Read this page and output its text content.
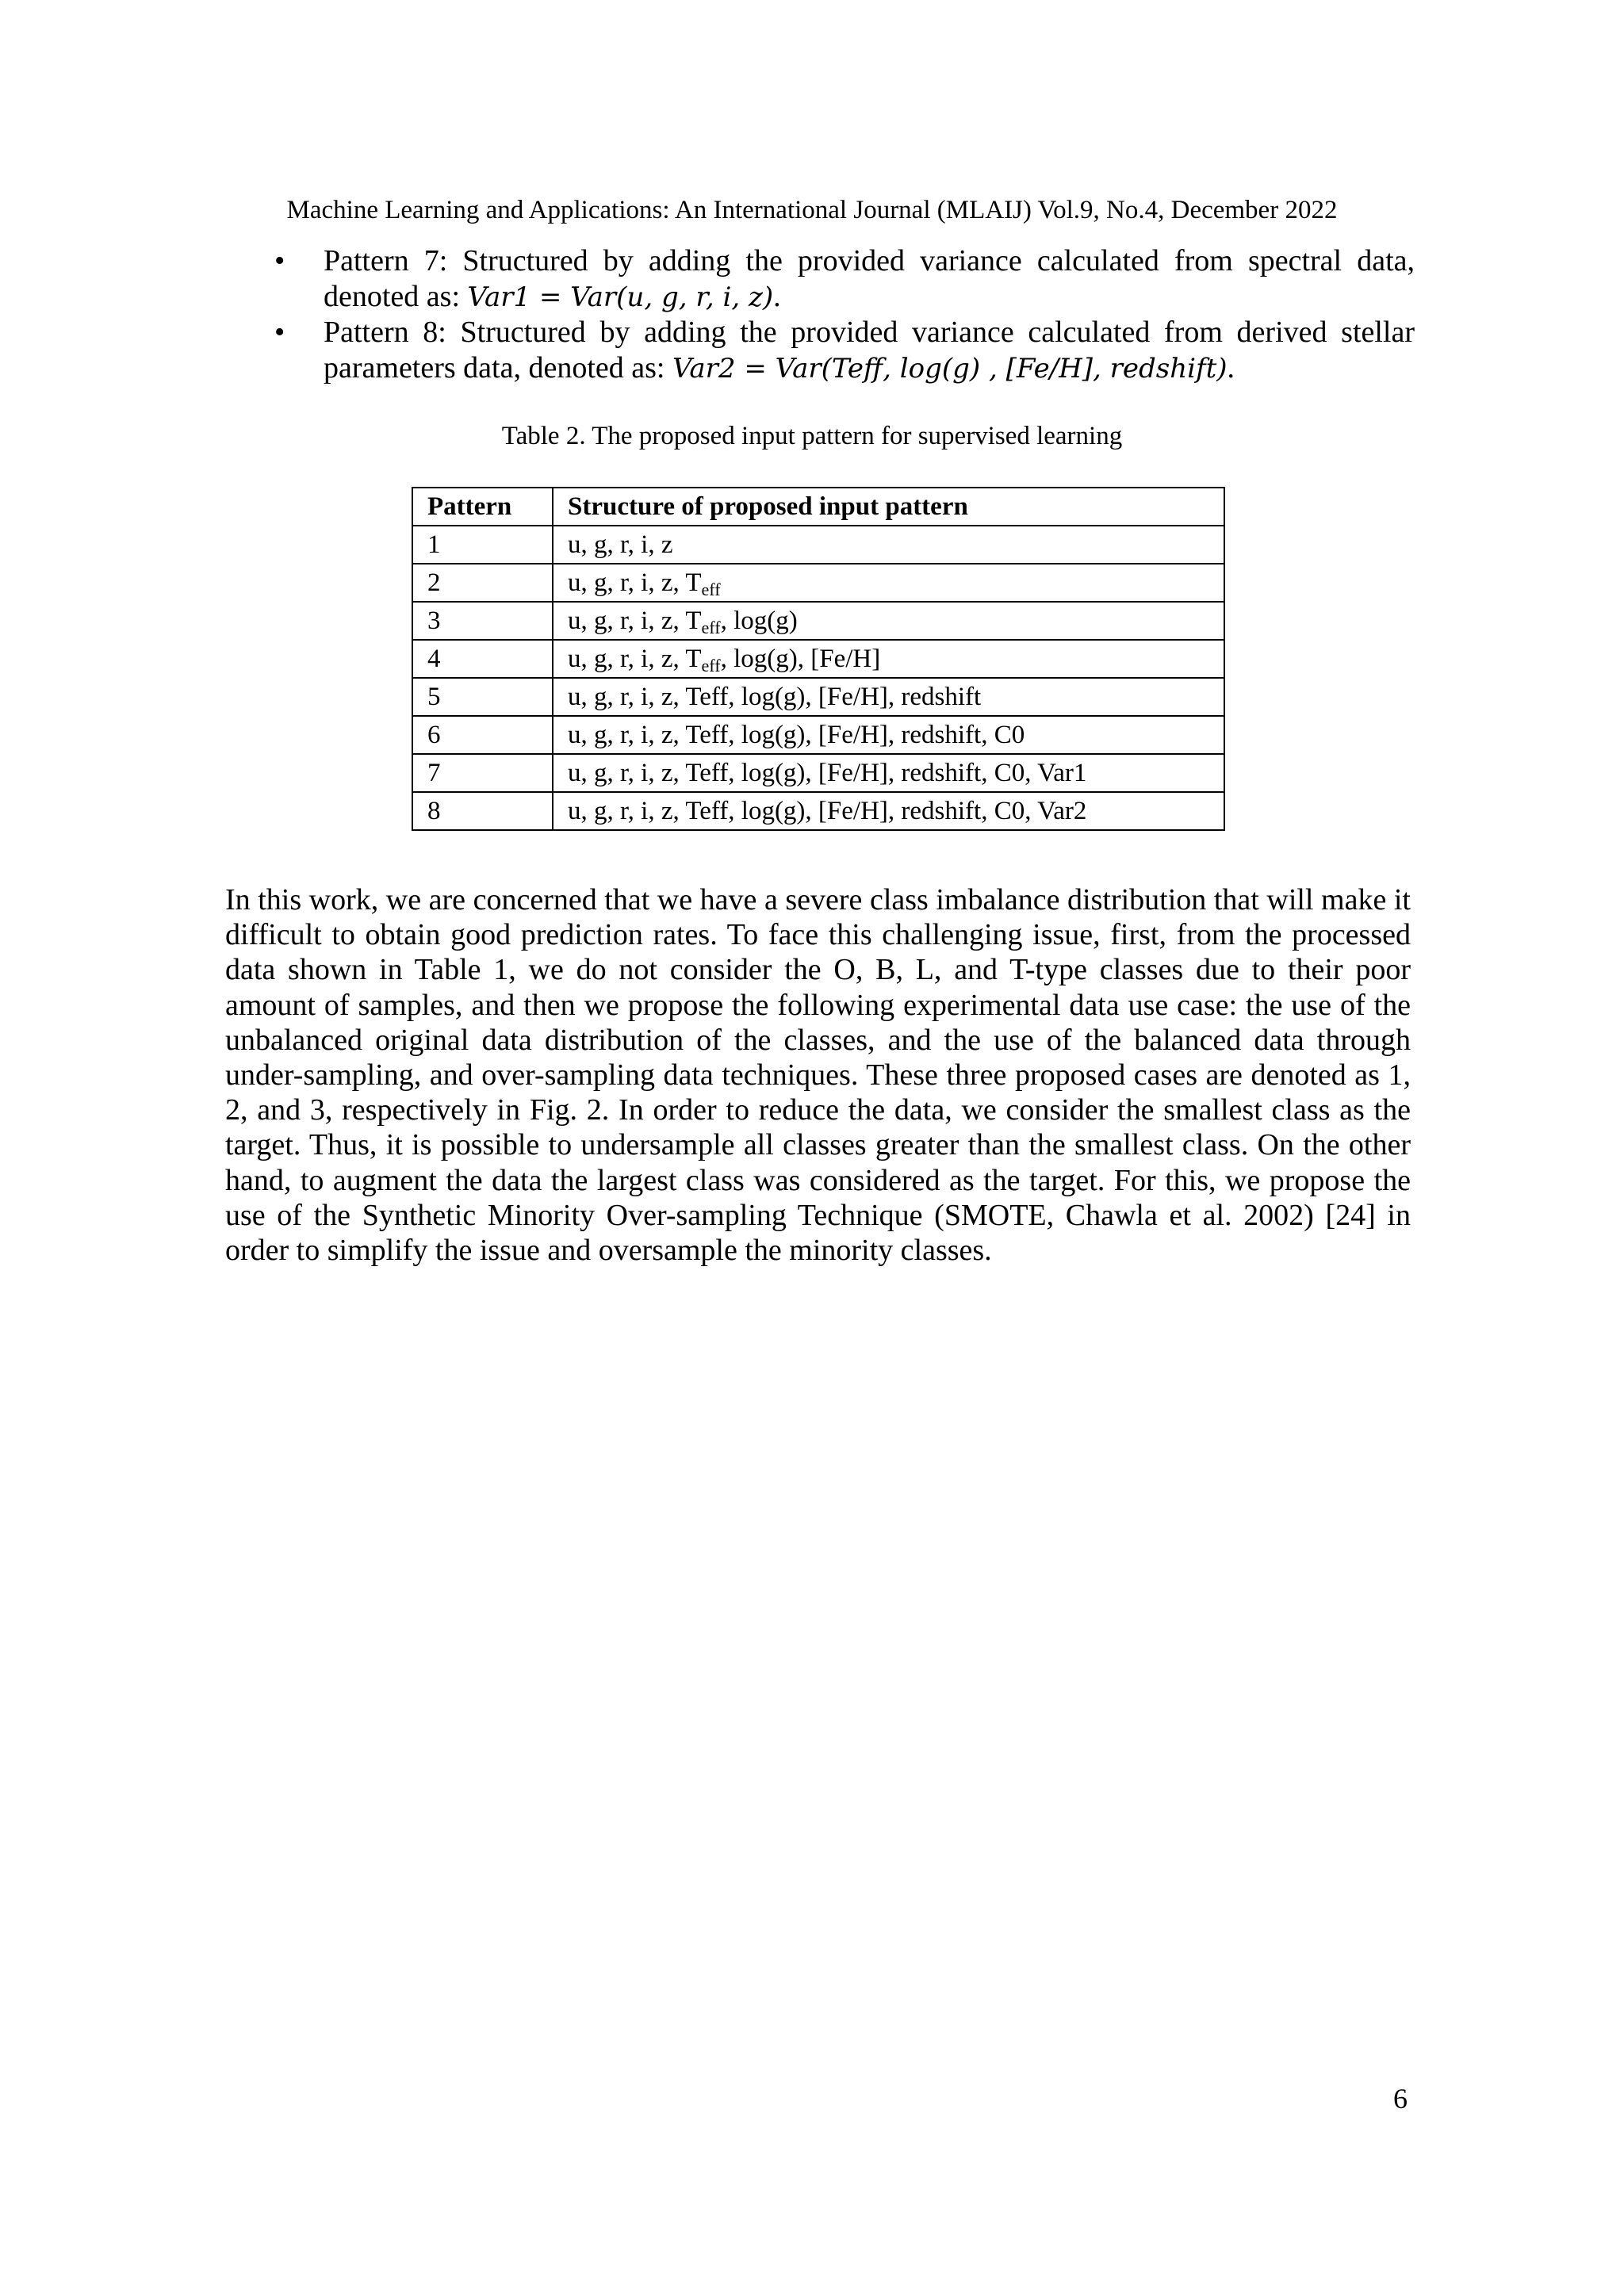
Machine Learning and Applications: An International Journal (MLAIJ) Vol.9, No.4, December 2022
• Pattern 7: Structured by adding the provided variance calculated from spectral data, denoted as: Var1 = Var(u, g, r, i, z).
• Pattern 8: Structured by adding the provided variance calculated from derived stellar parameters data, denoted as: Var2 = Var(Teff, log(g) , [Fe/H], redshift).
Table 2. The proposed input pattern for supervised learning
Pattern	Structure of proposed input pattern
1	u, g, r, i, z
2	u, g, r, i, z, $T_{eff}$
3	u, g, r, i, z, $T_{eff}$, log(g)
4	u, g, r, i, z, $T_{eff}$, log(g), [Fe/H]
5	u, g, r, i, z, Teff, log(g), [Fe/H], redshift
6	u, g, r, i, z, Teff, log(g), [Fe/H], redshift, C0
7	u, g, r, i, z, Teff, log(g), [Fe/H], redshift, C0, Var1
8	u, g, r, i, z, Teff, log(g), [Fe/H], redshift, C0, Var2

In this work, we are concerned that we have a severe class imbalance distribution that will make it difficult to obtain good prediction rates. To face this challenging issue, first, from the processed data shown in Table 1, we do not consider the O, B, L, and T-type classes due to their poor amount of samples, and then we propose the following experimental data use case: the use of the unbalanced original data distribution of the classes, and the use of the balanced data through under-sampling, and over-sampling data techniques. These three proposed cases are denoted as 1, 2, and 3, respectively in Fig. 2. In order to reduce the data, we consider the smallest class as the target. Thus, it is possible to undersample all classes greater than the smallest class. On the other hand, to augment the data the largest class was considered as the target. For this, we propose the use of the Synthetic Minority Over-sampling Technique (SMOTE, Chawla et al. 2002) [24] in order to simplify the issue and oversample the minority classes.

6
